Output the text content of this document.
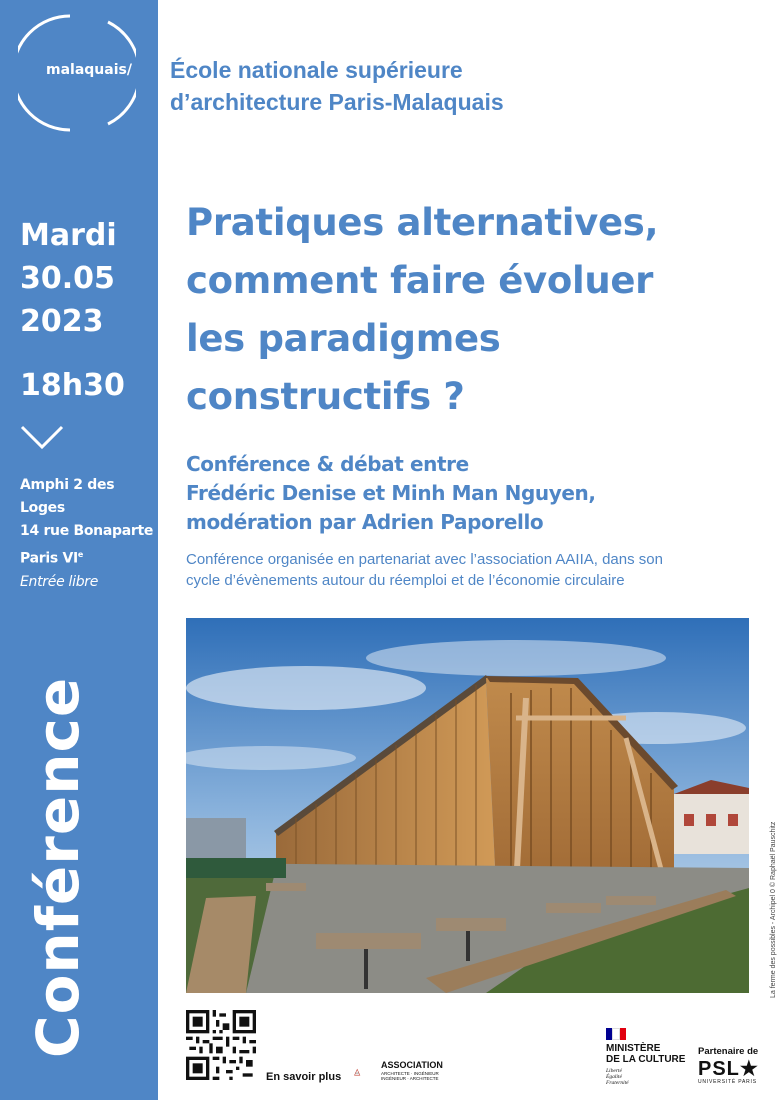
malaquais/
Mardi
30.05
2023
18h30
Amphi 2 des Loges
14 rue Bonaparte
Paris VIe
Entrée libre
Conférence
École nationale supérieure
d’architecture Paris-Malaquais
Pratiques alternatives,
comment faire évoluer
les paradigmes
constructifs ?
Conférence & débat entre
Frédéric Denise et Minh Man Nguyen,
modération par Adrien Paporello
Conférence organisée en partenariat avec l’association AAIIA, dans son
cycle d’évènements autour du réemploi et de l’économie circulaire
La ferme des possibles - Archipel 0 © Raphaël Pauschitz
En savoir plus
ASSOCIATION
ARCHITECTE · INGÉNIEUR
INGÉNIEUR · ARCHITECTE
MINISTÈRE
DE LA CULTURE
Liberté
Égalité
Fraternité
Partenaire de
PSL★
UNIVERSITÉ PARIS
